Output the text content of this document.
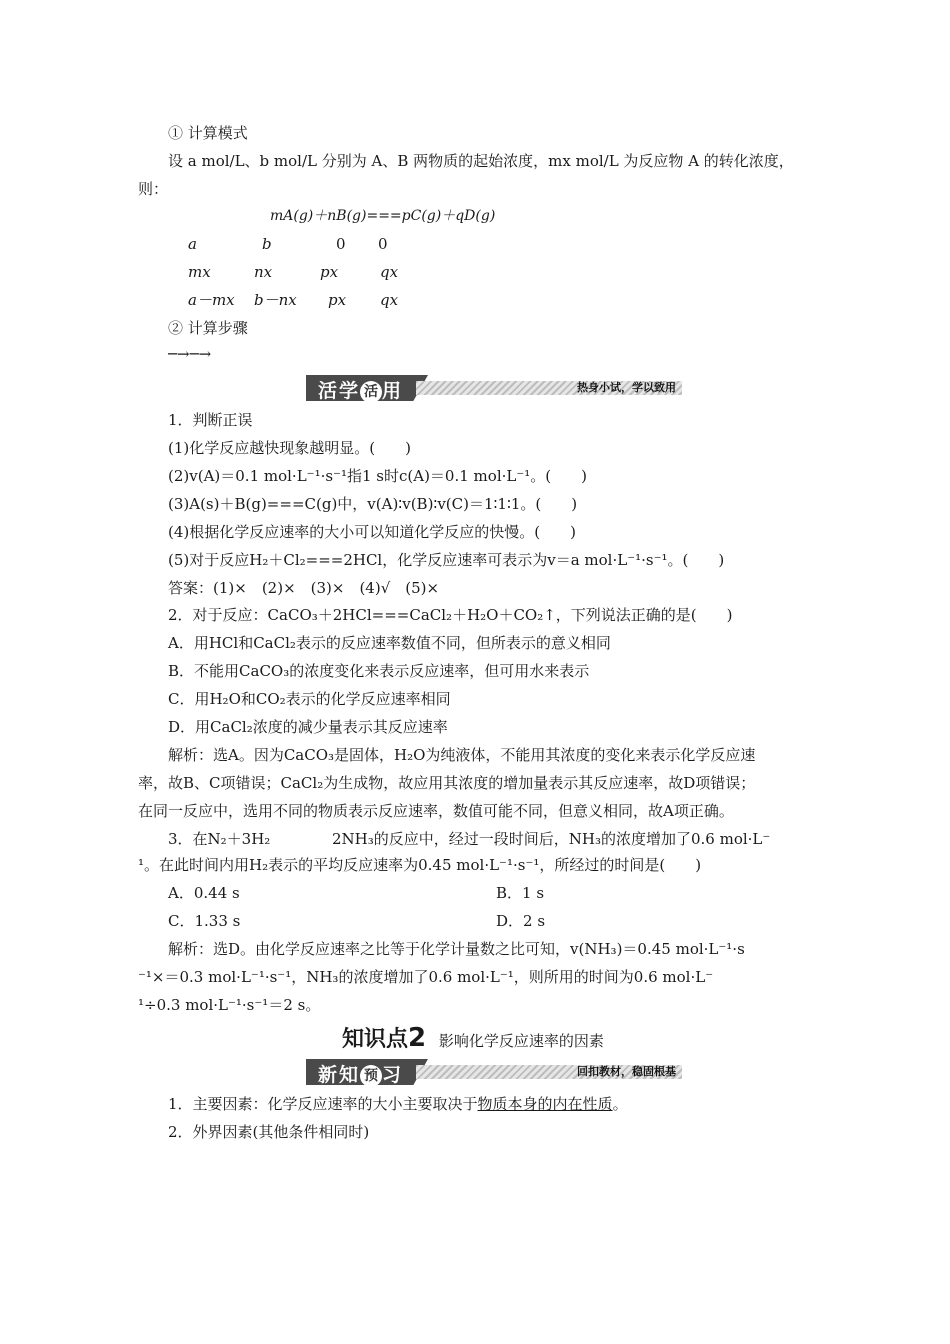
① 计算模式
设 a mol/L、b mol/L 分别为 A、B 两物质的起始浓度，mx mol/L 为反应物 A 的转化浓度，
则：
mA(g)＋nB(g)===pC(g)＋qD(g)
a	b	0 0
mx	nx	px	qx
a－mx b－nx px qx
② 计算步骤
─→─→
活学 活 用	热身小试，学以致用
1．判断正误
(1)化学反应越快现象越明显。(　　)
(2)v(A)＝0.1 mol·L⁻¹·s⁻¹指1 s时c(A)＝0.1 mol·L⁻¹。(　　)
(3)A(s)＋B(g)===C(g)中，v(A)∶v(B)∶v(C)＝1∶1∶1。(　　)
(4)根据化学反应速率的大小可以知道化学反应的快慢。(　　)
(5)对于反应H₂＋Cl₂===2HCl，化学反应速率可表示为v＝a mol·L⁻¹·s⁻¹。(　　)
答案：(1)×　(2)×　(3)×　(4)√　(5)×
2．对于反应：CaCO₃＋2HCl===CaCl₂＋H₂O＋CO₂↑，下列说法正确的是(　　)
A．用HCl和CaCl₂表示的反应速率数值不同，但所表示的意义相同
B．不能用CaCO₃的浓度变化来表示反应速率，但可用水来表示
C．用H₂O和CO₂表示的化学反应速率相同
D．用CaCl₂浓度的减少量表示其反应速率
解析：选A。因为CaCO₃是固体，H₂O为纯液体，不能用其浓度的变化来表示化学反应速
率，故B、C项错误；CaCl₂为生成物，故应用其浓度的增加量表示其反应速率，故D项错误；
在同一反应中，选用不同的物质表示反应速率，数值可能不同，但意义相同，故A项正确。
3．在N₂＋3H₂	2NH₃的反应中，经过一段时间后，NH₃的浓度增加了0.6 mol·L⁻
¹。在此时间内用H₂表示的平均反应速率为0.45 mol·L⁻¹·s⁻¹，所经过的时间是(　　)
A．0.44 s	B．1 s
C．1.33 s	D．2 s
解析：选D。由化学反应速率之比等于化学计量数之比可知，v(NH₃)＝0.45 mol·L⁻¹·s
⁻¹×＝0.3 mol·L⁻¹·s⁻¹，NH₃的浓度增加了0.6 mol·L⁻¹，则所用的时间为0.6 mol·L⁻
¹÷0.3 mol·L⁻¹·s⁻¹＝2 s。
知识点2 影响化学反应速率的因素
新知 预 习	回扣教材，稳固根基
1．主要因素：化学反应速率的大小主要取决于物质本身的内在性质。
2．外界因素(其他条件相同时)
